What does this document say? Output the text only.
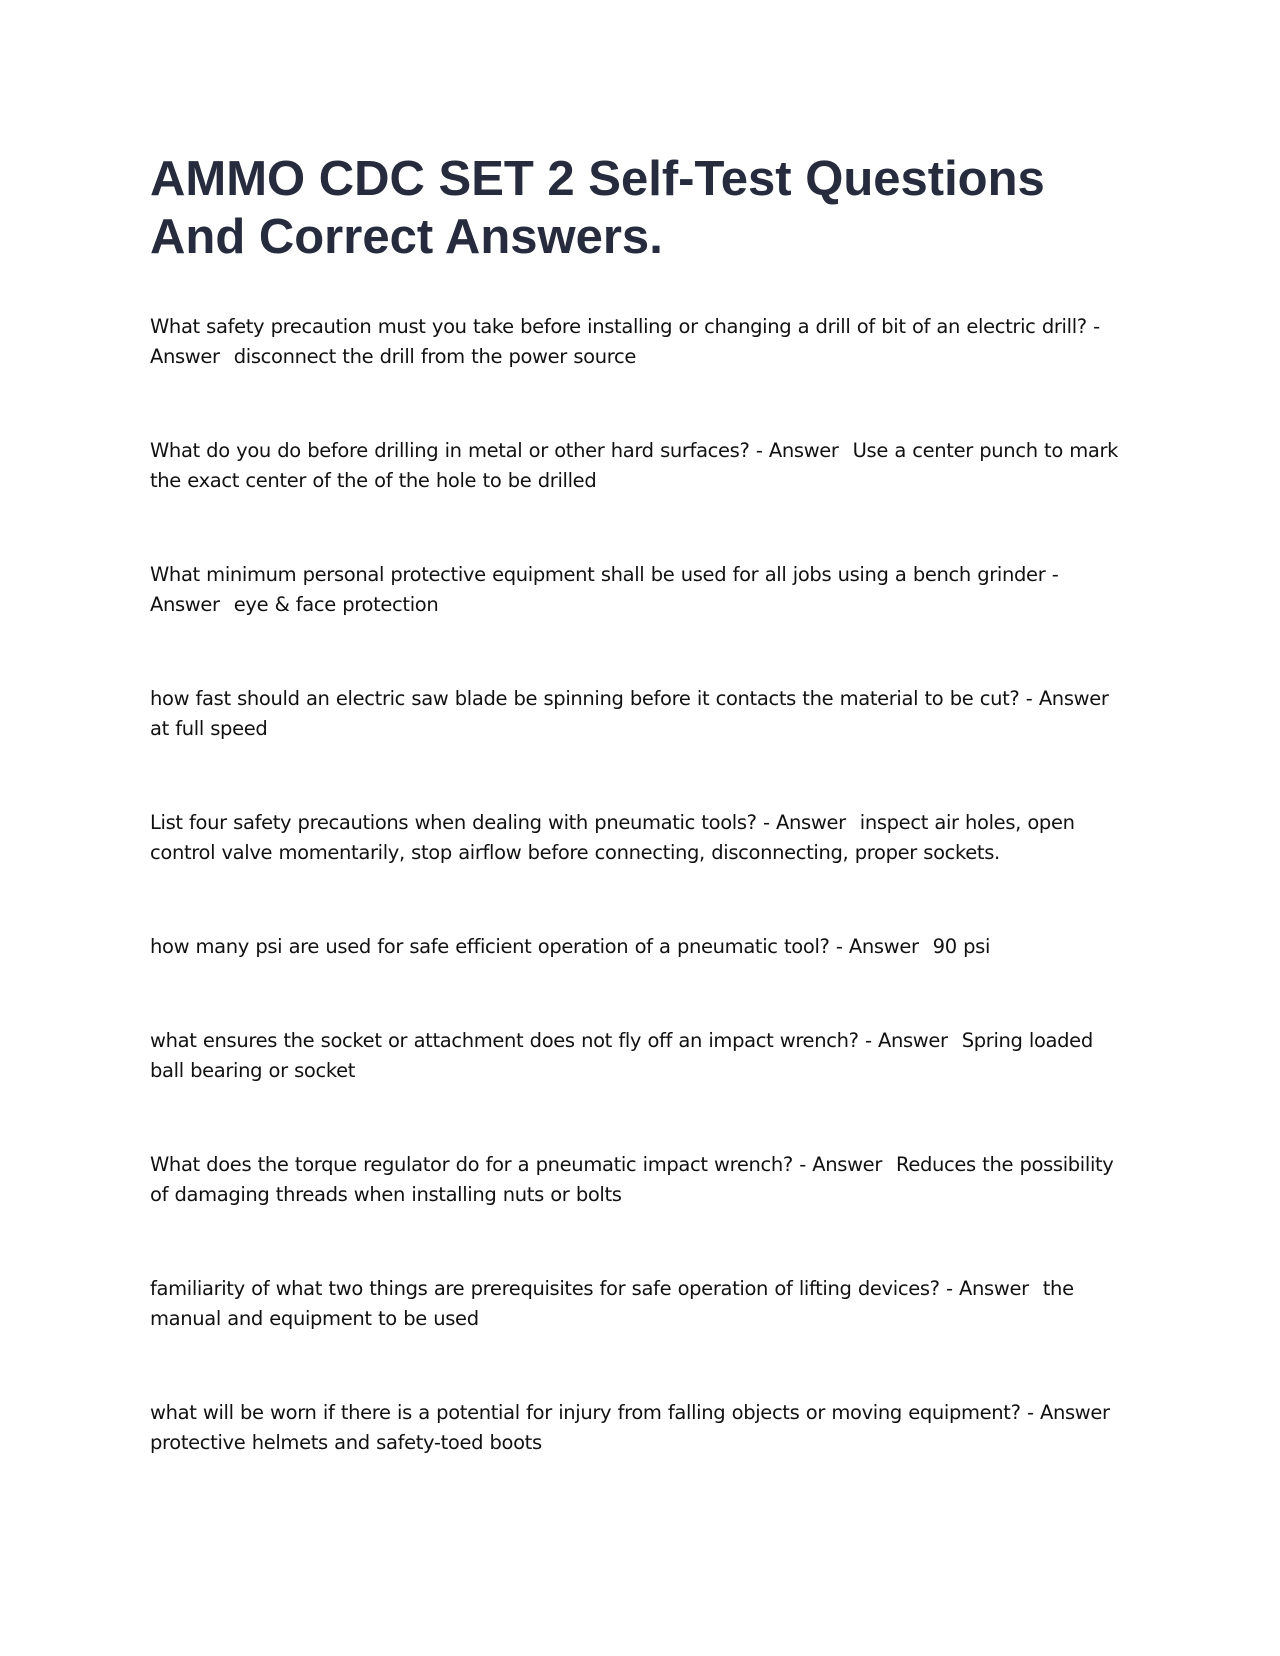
AMMO CDC SET 2 Self-Test Questions And Correct Answers.
What safety precaution must you take before installing or changing a drill of bit of an electric drill? - Answer disconnect the drill from the power source
What do you do before drilling in metal or other hard surfaces? - Answer Use a center punch to mark the exact center of the of the hole to be drilled
What minimum personal protective equipment shall be used for all jobs using a bench grinder - Answer eye & face protection
how fast should an electric saw blade be spinning before it contacts the material to be cut? - Answerat full speed
List four safety precautions when dealing with pneumatic tools? - Answer inspect air holes, open control valve momentarily, stop airflow before connecting, disconnecting, proper sockets.
how many psi are used for safe efficient operation of a pneumatic tool? - Answer 90 psi
what ensures the socket or attachment does not fly off an impact wrench? - Answer Spring loaded ball bearing or socket
What does the torque regulator do for a pneumatic impact wrench? - Answer Reduces the possibility of damaging threads when installing nuts or bolts
familiarity of what two things are prerequisites for safe operation of lifting devices? - Answer the manual and equipment to be used
what will be worn if there is a potential for injury from falling objects or moving equipment? - Answerprotective helmets and safety-toed boots
